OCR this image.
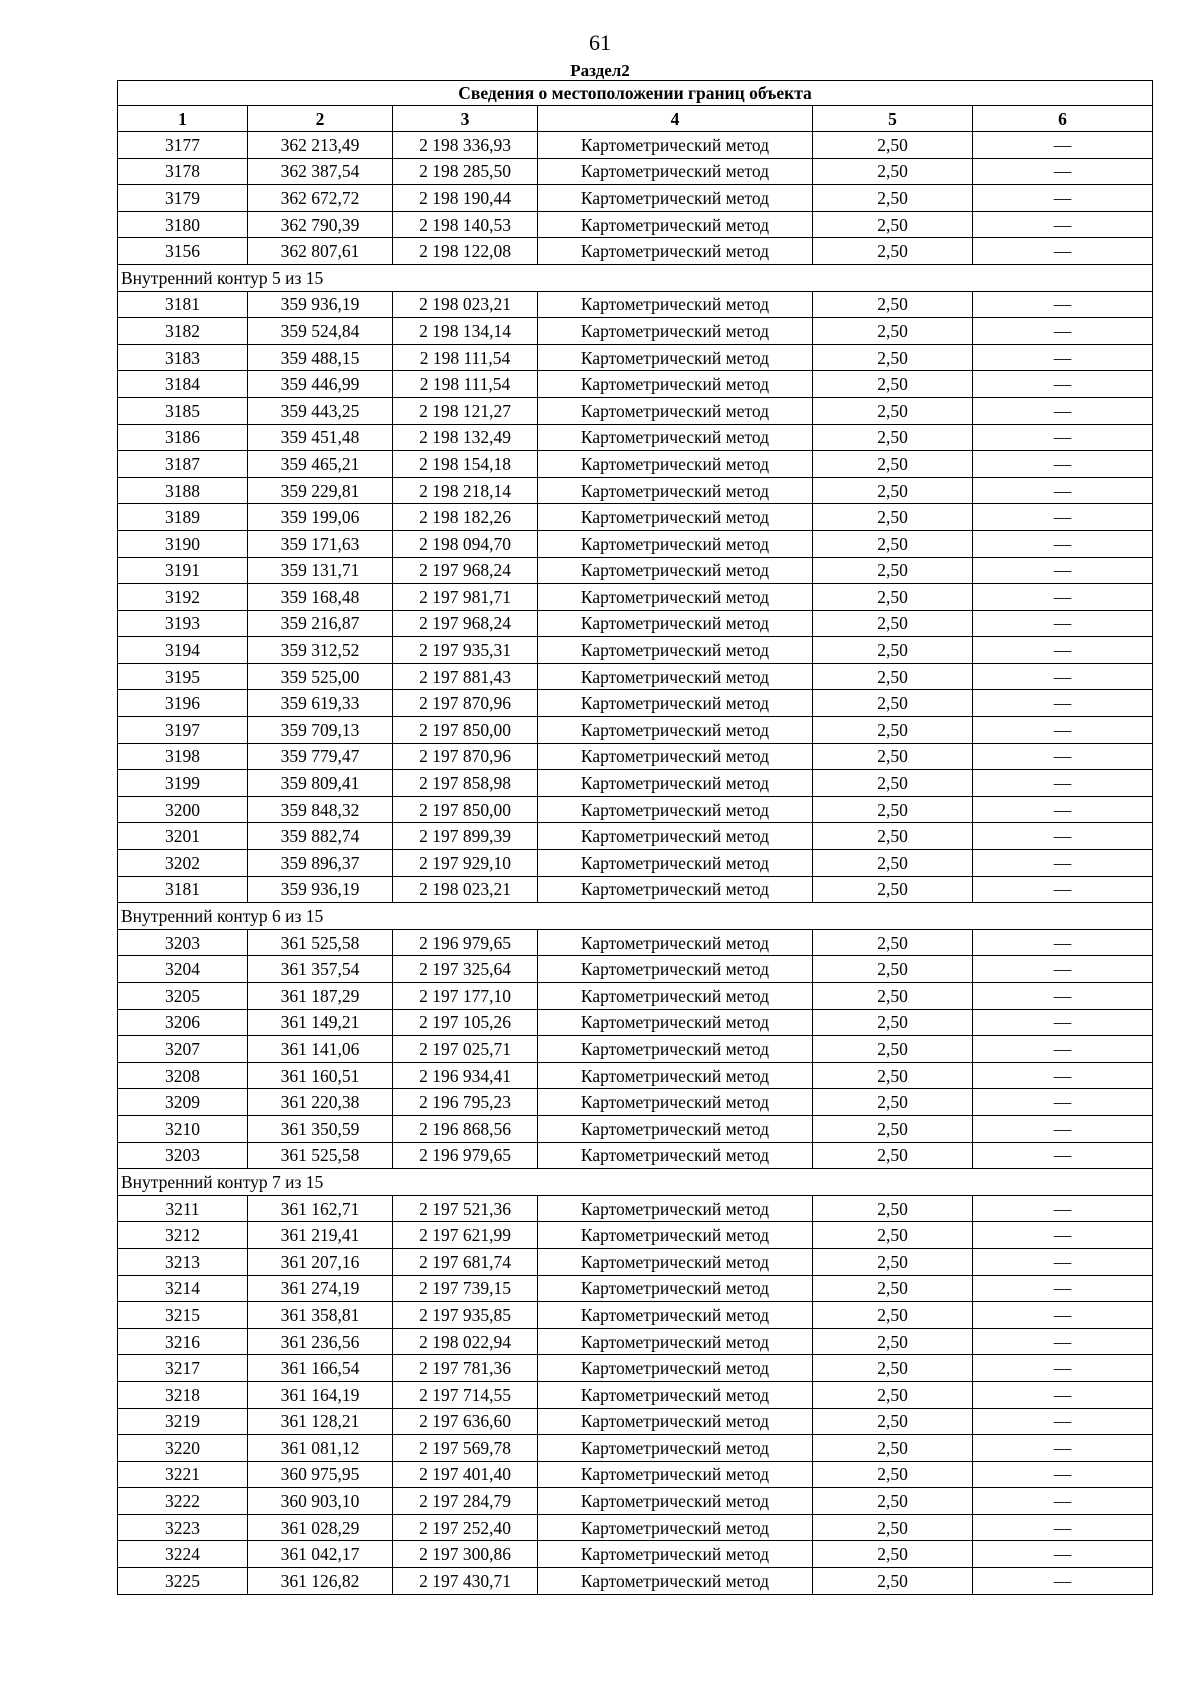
61
Раздел2
Сведения о местоположении границ объекта					
1	2	3	4	5	6
3177	362 213,49	2 198 336,93	Картометрический метод	2,50	—
3178	362 387,54	2 198 285,50	Картометрический метод	2,50	—
3179	362 672,72	2 198 190,44	Картометрический метод	2,50	—
3180	362 790,39	2 198 140,53	Картометрический метод	2,50	—
3156	362 807,61	2 198 122,08	Картометрический метод	2,50	—
Внутренний контур 5 из 15					
3181	359 936,19	2 198 023,21	Картометрический метод	2,50	—
3182	359 524,84	2 198 134,14	Картометрический метод	2,50	—
3183	359 488,15	2 198 111,54	Картометрический метод	2,50	—
3184	359 446,99	2 198 111,54	Картометрический метод	2,50	—
3185	359 443,25	2 198 121,27	Картометрический метод	2,50	—
3186	359 451,48	2 198 132,49	Картометрический метод	2,50	—
3187	359 465,21	2 198 154,18	Картометрический метод	2,50	—
3188	359 229,81	2 198 218,14	Картометрический метод	2,50	—
3189	359 199,06	2 198 182,26	Картометрический метод	2,50	—
3190	359 171,63	2 198 094,70	Картометрический метод	2,50	—
3191	359 131,71	2 197 968,24	Картометрический метод	2,50	—
3192	359 168,48	2 197 981,71	Картометрический метод	2,50	—
3193	359 216,87	2 197 968,24	Картометрический метод	2,50	—
3194	359 312,52	2 197 935,31	Картометрический метод	2,50	—
3195	359 525,00	2 197 881,43	Картометрический метод	2,50	—
3196	359 619,33	2 197 870,96	Картометрический метод	2,50	—
3197	359 709,13	2 197 850,00	Картометрический метод	2,50	—
3198	359 779,47	2 197 870,96	Картометрический метод	2,50	—
3199	359 809,41	2 197 858,98	Картометрический метод	2,50	—
3200	359 848,32	2 197 850,00	Картометрический метод	2,50	—
3201	359 882,74	2 197 899,39	Картометрический метод	2,50	—
3202	359 896,37	2 197 929,10	Картометрический метод	2,50	—
3181	359 936,19	2 198 023,21	Картометрический метод	2,50	—
Внутренний контур 6 из 15					
3203	361 525,58	2 196 979,65	Картометрический метод	2,50	—
3204	361 357,54	2 197 325,64	Картометрический метод	2,50	—
3205	361 187,29	2 197 177,10	Картометрический метод	2,50	—
3206	361 149,21	2 197 105,26	Картометрический метод	2,50	—
3207	361 141,06	2 197 025,71	Картометрический метод	2,50	—
3208	361 160,51	2 196 934,41	Картометрический метод	2,50	—
3209	361 220,38	2 196 795,23	Картометрический метод	2,50	—
3210	361 350,59	2 196 868,56	Картометрический метод	2,50	—
3203	361 525,58	2 196 979,65	Картометрический метод	2,50	—
Внутренний контур 7 из 15					
3211	361 162,71	2 197 521,36	Картометрический метод	2,50	—
3212	361 219,41	2 197 621,99	Картометрический метод	2,50	—
3213	361 207,16	2 197 681,74	Картометрический метод	2,50	—
3214	361 274,19	2 197 739,15	Картометрический метод	2,50	—
3215	361 358,81	2 197 935,85	Картометрический метод	2,50	—
3216	361 236,56	2 198 022,94	Картометрический метод	2,50	—
3217	361 166,54	2 197 781,36	Картометрический метод	2,50	—
3218	361 164,19	2 197 714,55	Картометрический метод	2,50	—
3219	361 128,21	2 197 636,60	Картометрический метод	2,50	—
3220	361 081,12	2 197 569,78	Картометрический метод	2,50	—
3221	360 975,95	2 197 401,40	Картометрический метод	2,50	—
3222	360 903,10	2 197 284,79	Картометрический метод	2,50	—
3223	361 028,29	2 197 252,40	Картометрический метод	2,50	—
3224	361 042,17	2 197 300,86	Картометрический метод	2,50	—
3225	361 126,82	2 197 430,71	Картометрический метод	2,50	—
